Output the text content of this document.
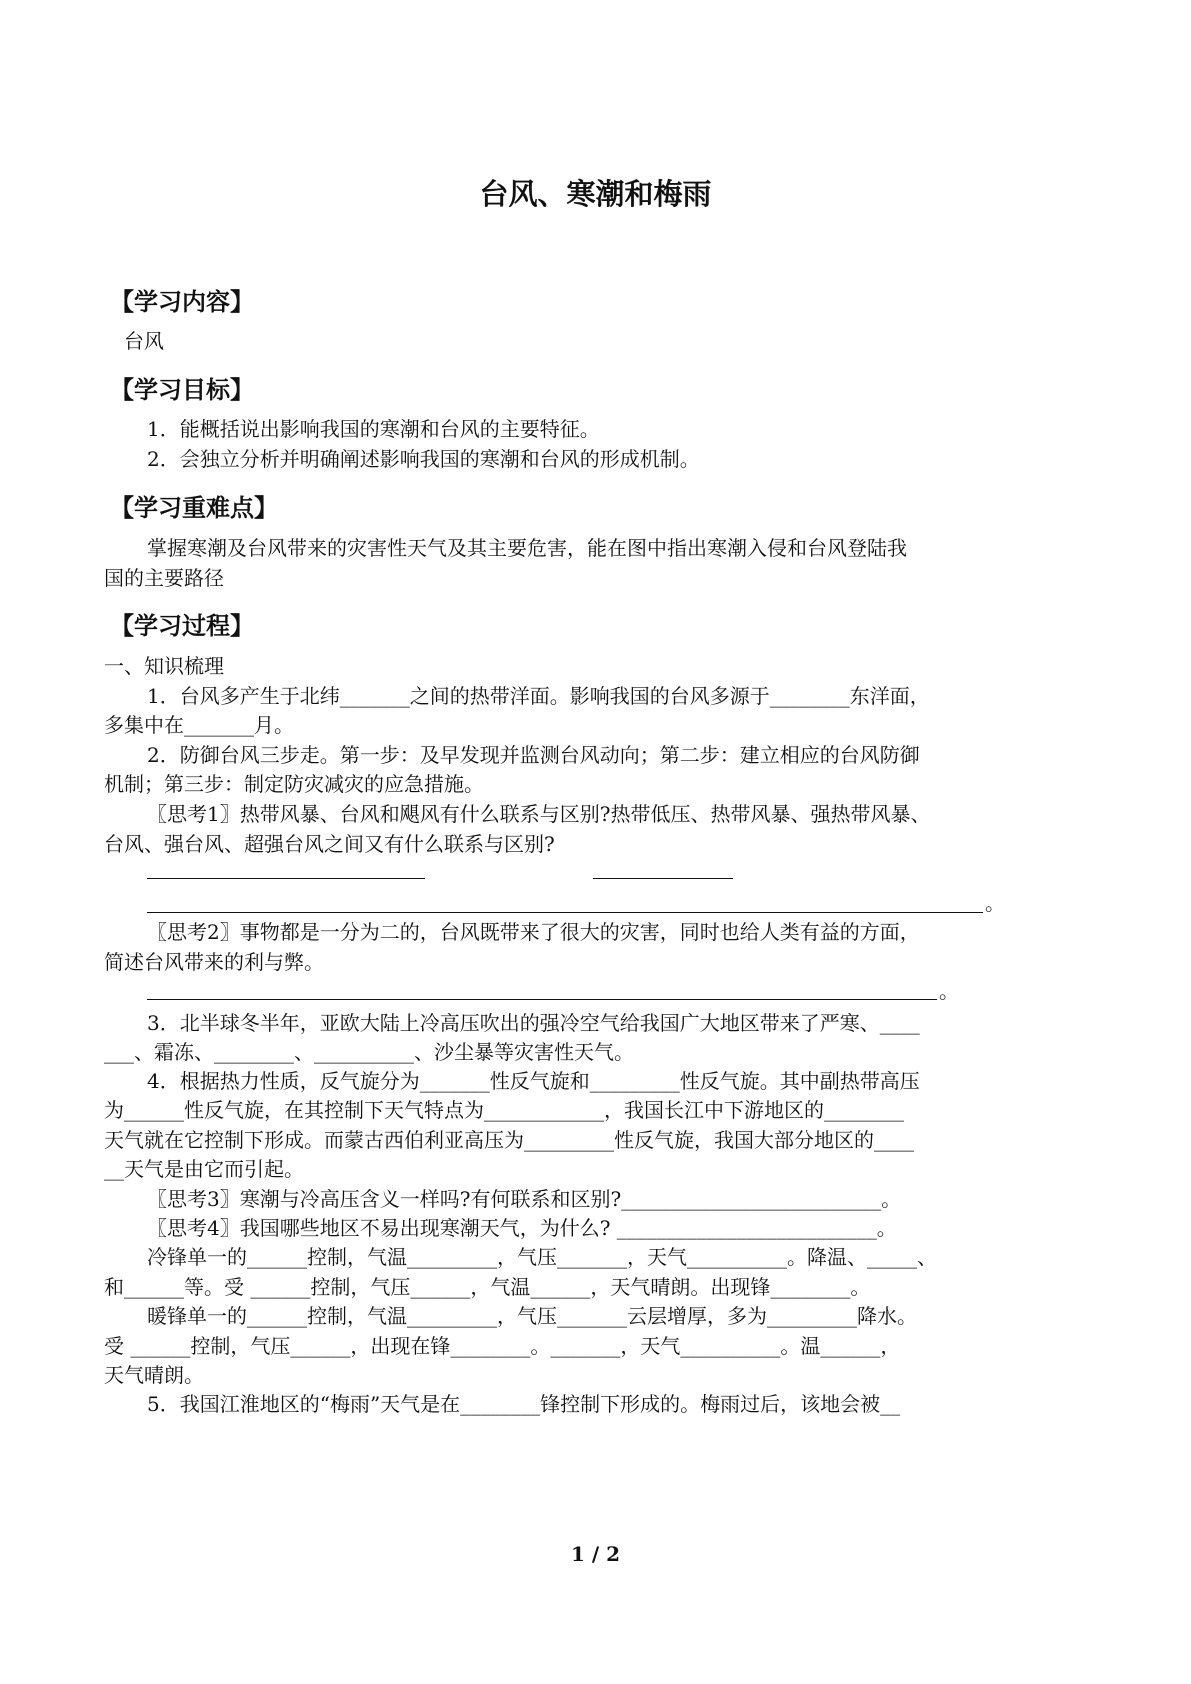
台风、寒潮和梅雨
【学习内容】
台风
【学习目标】
1．能概括说出影响我国的寒潮和台风的主要特征。
2．会独立分析并明确阐述影响我国的寒潮和台风的形成机制。
【学习重难点】
掌握寒潮及台风带来的灾害性天气及其主要危害，能在图中指出寒潮入侵和台风登陆我
国的主要路径
【学习过程】
一、知识梳理
1．台风多产生于北纬_______之间的热带洋面。影响我国的台风多源于________东洋面，
多集中在_______月。
2．防御台风三步走。第一步：及早发现并监测台风动向；第二步：建立相应的台风防御
机制；第三步：制定防灾减灾的应急措施。
〖思考1〗热带风暴、台风和飓风有什么联系与区别?热带低压、热带风暴、强热带风暴、
台风、强台风、超强台风之间又有什么联系与区别?
。
〖思考2〗事物都是一分为二的，台风既带来了很大的灾害，同时也给人类有益的方面，
简述台风带来的利与弊。
。
3．北半球冬半年，亚欧大陆上冷高压吹出的强冷空气给我国广大地区带来了严寒、____
___、霜冻、________、__________、沙尘暴等灾害性天气。
4．根据热力性质，反气旋分为_______性反气旋和_________性反气旋。其中副热带高压
为______性反气旋，在其控制下天气特点为____________，我国长江中下游地区的________
天气就在它控制下形成。而蒙古西伯利亚高压为_________性反气旋，我国大部分地区的____
__天气是由它而引起。
〖思考3〗寒潮与冷高压含义一样吗?有何联系和区别?__________________________。
〖思考4〗我国哪些地区不易出现寒潮天气，为什么? __________________________。
冷锋单一的______控制，气温_________，气压_______，天气__________。降温、_____、
和______等。受 ______控制，气压______，气温______，天气晴朗。出现锋________。
暖锋单一的______控制，气温_________，气压_______云层增厚，多为_________降水。
受 ______控制，气压______，出现在锋________。_______，天气__________。温______，
天气晴朗。
5．我国江淮地区的“梅雨”天气是在________锋控制下形成的。梅雨过后，该地会被__
1 / 2
